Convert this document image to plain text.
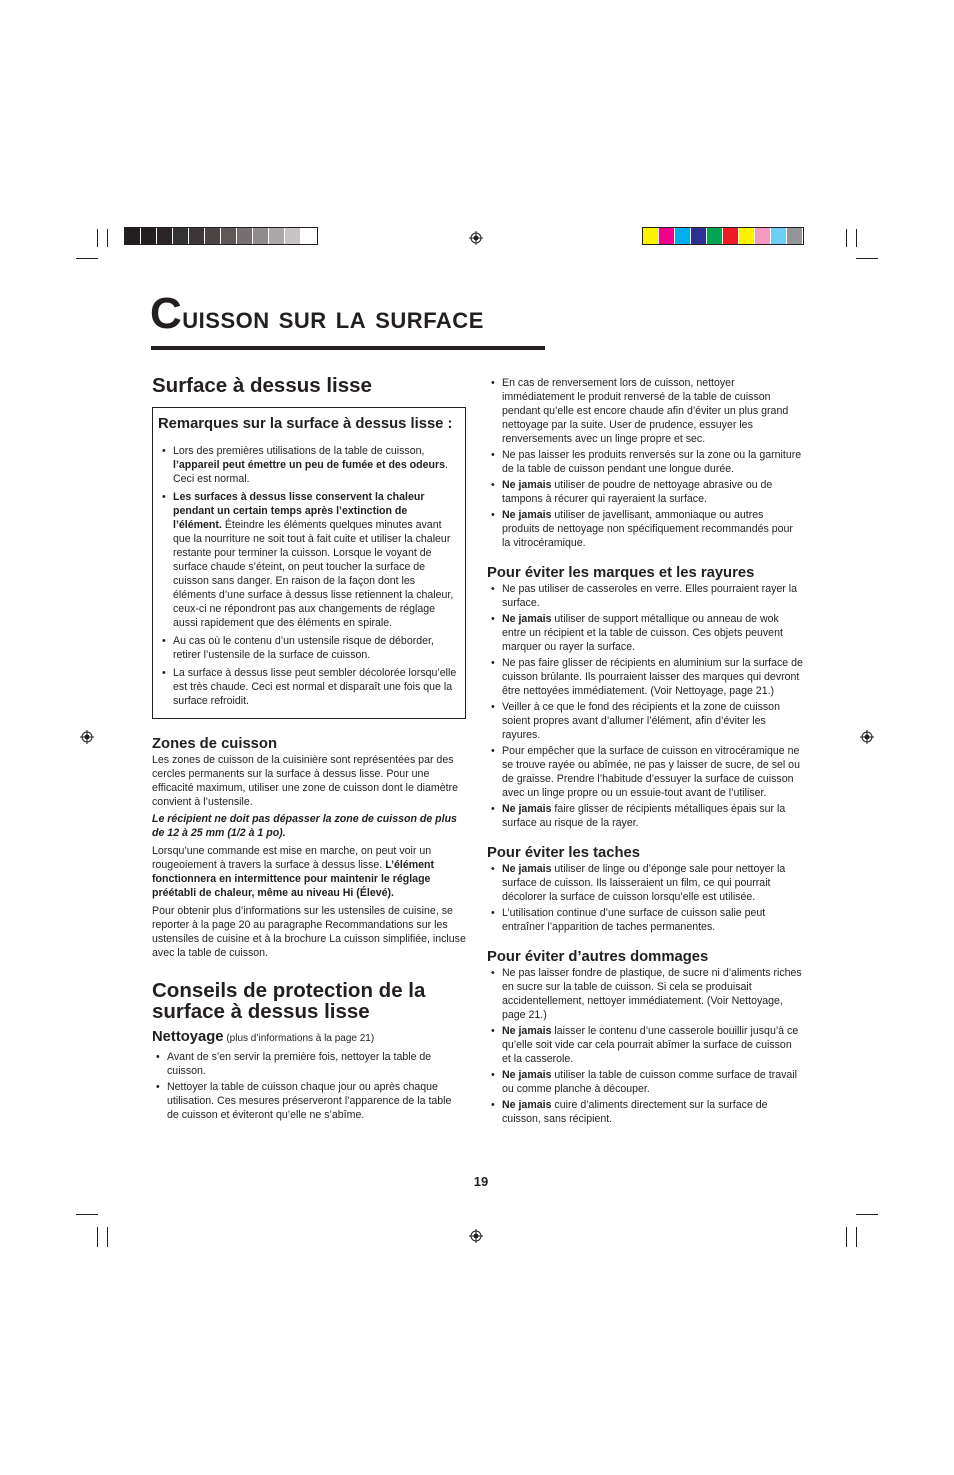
Cuisson sur la surface
Surface à dessus lisse
Remarques sur la surface à dessus lisse :
• Lors des premières utilisations de la table de cuisson, l’appareil peut émettre un peu de fumée et des odeurs. Ceci est normal.
• Les surfaces à dessus lisse conservent la chaleur pendant un certain temps après l’extinction de l’élément. Éteindre les éléments quelques minutes avant que la nourriture ne soit tout à fait cuite et utiliser la chaleur restante pour terminer la cuisson. Lorsque le voyant de surface chaude s’éteint, on peut toucher la surface de cuisson sans danger. En raison de la façon dont les éléments d’une surface à dessus lisse retiennent la chaleur, ceux-ci ne répondront pas aux changements de réglage aussi rapidement que des éléments en spirale.
• Au cas où le contenu d’un ustensile risque de déborder, retirer l’ustensile de la surface de cuisson.
• La surface à dessus lisse peut sembler décolorée lorsqu’elle est très chaude. Ceci est normal et disparaît une fois que la surface refroidit.
Zones de cuisson

Les zones de cuisson de la cuisinière sont représentées par des cercles permanents sur la surface à dessus lisse. Pour une efficacité maximum, utiliser une zone de cuisson dont le diamètre convient à l’ustensile.

Le récipient ne doit pas dépasser la zone de cuisson de plus de 12 à 25 mm (1/2 à 1 po).

Lorsqu’une commande est mise en marche, on peut voir un rougeoiement à travers la surface à dessus lisse. L’élément fonctionnera en intermittence pour maintenir le réglage préétabli de chaleur, même au niveau Hi (Élevé).

Pour obtenir plus d’informations sur les ustensiles de cuisine, se reporter à la page 20 au paragraphe Recommandations sur les ustensiles de cuisine et à la brochure La cuisson simplifiée, incluse avec la table de cuisson.

Conseils de protection de la surface à dessus lisse
Nettoyage (plus d’informations à la page 21)
• Avant de s’en servir la première fois, nettoyer la table de cuisson.
• Nettoyer la table de cuisson chaque jour ou après chaque utilisation. Ces mesures préserveront l’apparence de la table de cuisson et éviteront qu’elle ne s’abîme.
• En cas de renversement lors de cuisson, nettoyer immédiatement le produit renversé de la table de cuisson pendant qu’elle est encore chaude afin d’éviter un plus grand nettoyage par la suite. User de prudence, essuyer les renversements avec un linge propre et sec.
• Ne pas laisser les produits renversés sur la zone ou la garniture de la table de cuisson pendant une longue durée.
• Ne jamais utiliser de poudre de nettoyage abrasive ou de tampons à récurer qui rayeraient la surface.
• Ne jamais utiliser de javellisant, ammoniaque ou autres produits de nettoyage non spécifiquement recommandés pour la vitrocéramique.
Pour éviter les marques et les rayures
• Ne pas utiliser de casseroles en verre. Elles pourraient rayer la surface.
• Ne jamais utiliser de support métallique ou anneau de wok entre un récipient et la table de cuisson. Ces objets peuvent marquer ou rayer la surface.
• Ne pas faire glisser de récipients en aluminium sur la surface de cuisson brûlante. Ils pourraient laisser des marques qui devront être nettoyées immédiatement. (Voir Nettoyage, page 21.)
• Veiller à ce que le fond des récipients et la zone de cuisson soient propres avant d’allumer l’élément, afin d’éviter les rayures.
• Pour empêcher que la surface de cuisson en vitrocéramique ne se trouve rayée ou abîmée, ne pas y laisser de sucre, de sel ou de graisse. Prendre l’habitude d’essuyer la surface de cuisson avec un linge propre ou un essuie-tout avant de l’utiliser.
• Ne jamais faire glisser de récipients métalliques épais sur la surface au risque de la rayer.
Pour éviter les taches
• Ne jamais utiliser de linge ou d’éponge sale pour nettoyer la surface de cuisson. Ils laisseraient un film, ce qui pourrait décolorer la surface de cuisson lorsqu’elle est utilisée.
• L’utilisation continue d’une surface de cuisson salie peut entraîner l’apparition de taches permanentes.
Pour éviter d’autres dommages
• Ne pas laisser fondre de plastique, de sucre ni d’aliments riches en sucre sur la table de cuisson. Si cela se produisait accidentellement, nettoyer immédiatement. (Voir Nettoyage, page 21.)
• Ne jamais laisser le contenu d’une casserole bouillir jusqu’à ce qu’elle soit vide car cela pourrait abîmer la surface de cuisson et la casserole.
• Ne jamais utiliser la table de cuisson comme surface de travail ou comme planche à découper.
• Ne jamais cuire d’aliments directement sur la surface de cuisson, sans récipient.
19
